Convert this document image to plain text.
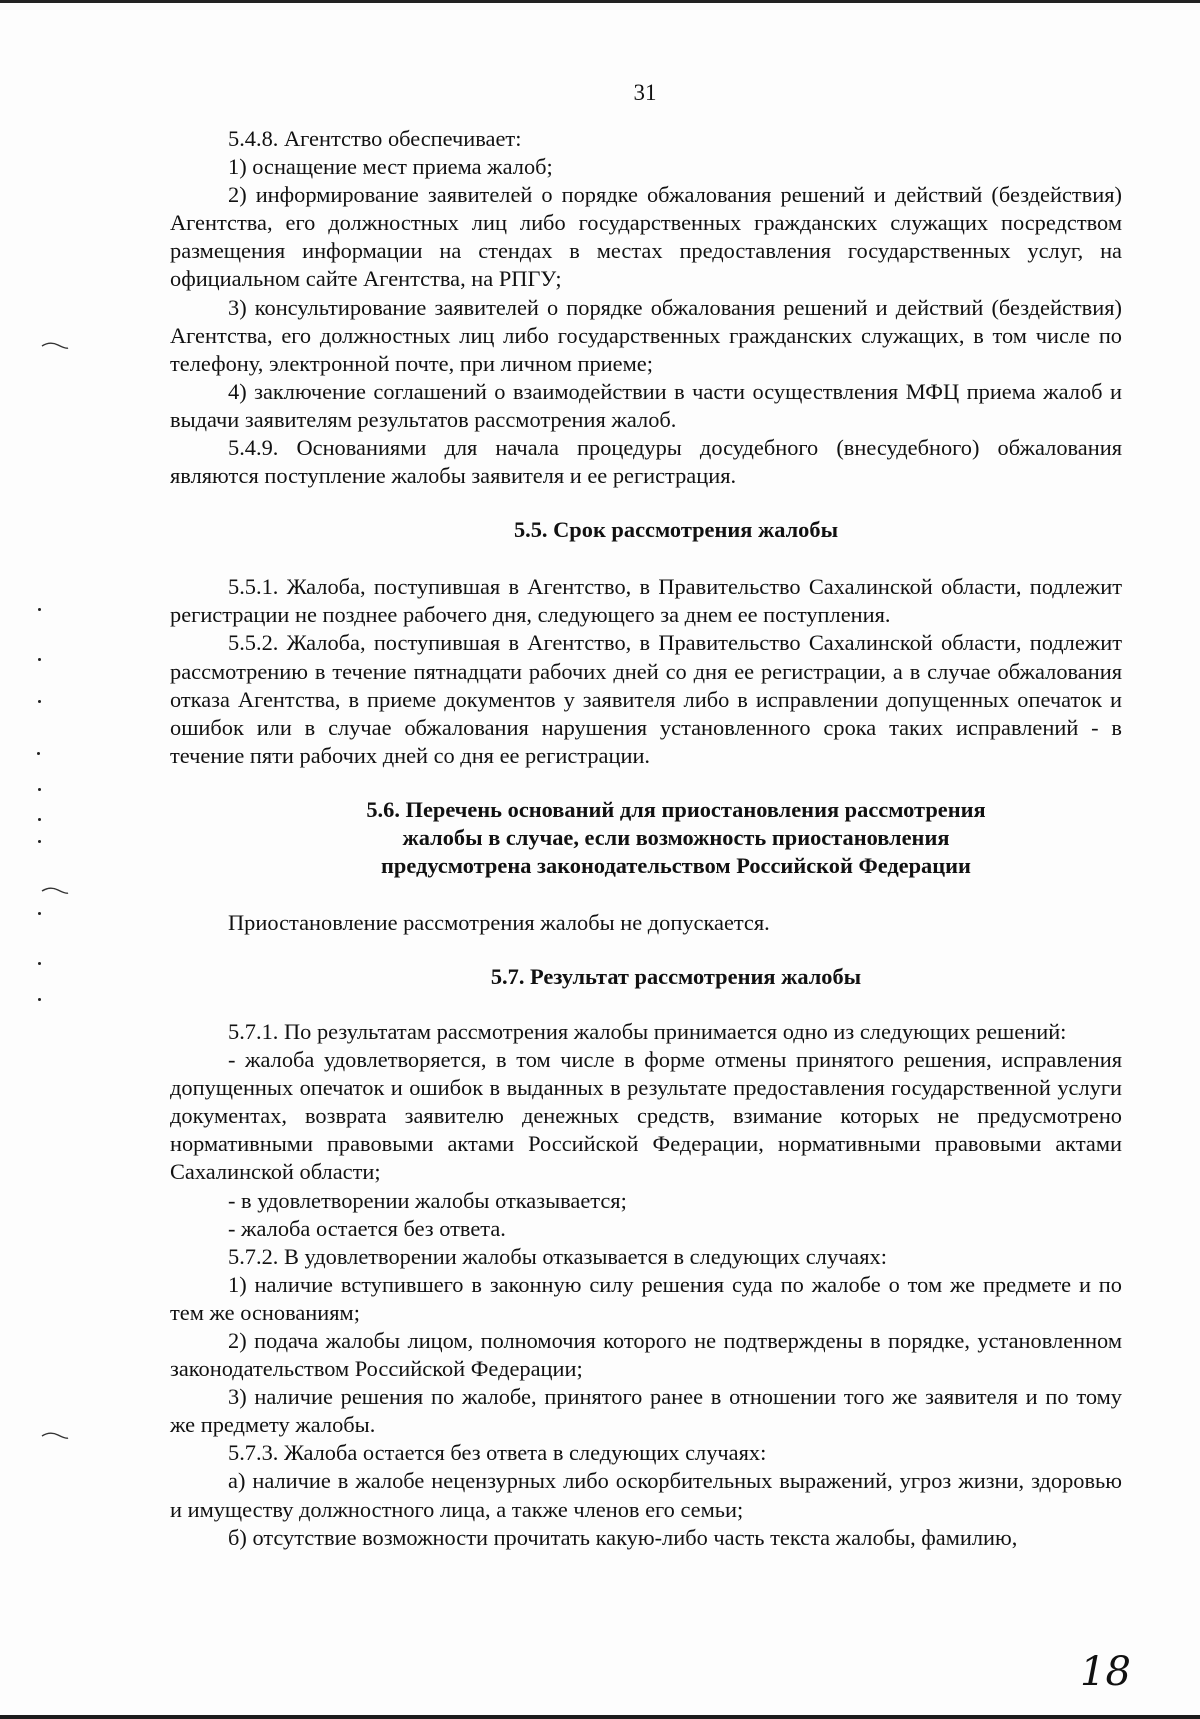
31

5.4.8. Агентство обеспечивает:

1) оснащение мест приема жалоб;

2) информирование заявителей о порядке обжалования решений и действий (бездействия) Агентства, его должностных лиц либо государственных гражданских служащих посредством размещения информации на стендах в местах предоставления государственных услуг, на официальном сайте Агентства, на РПГУ;

3) консультирование заявителей о порядке обжалования решений и действий (бездействия) Агентства, его должностных лиц либо государственных гражданских служащих, в том числе по телефону, электронной почте, при личном приеме;

4) заключение соглашений о взаимодействии в части осуществления МФЦ приема жалоб и выдачи заявителям результатов рассмотрения жалоб.

5.4.9. Основаниями для начала процедуры досудебного (внесудебного) обжалования являются поступление жалобы заявителя и ее регистрация.

5.5. Срок рассмотрения жалобы

5.5.1. Жалоба, поступившая в Агентство, в Правительство Сахалинской области, подлежит регистрации не позднее рабочего дня, следующего за днем ее поступления.

5.5.2. Жалоба, поступившая в Агентство, в Правительство Сахалинской области, подлежит рассмотрению в течение пятнадцати рабочих дней со дня ее регистрации, а в случае обжалования отказа Агентства, в приеме документов у заявителя либо в исправлении допущенных опечаток и ошибок или в случае обжалования нарушения установленного срока таких исправлений - в течение пяти рабочих дней со дня ее регистрации.

5.6. Перечень оснований для приостановления рассмотрения
жалобы в случае, если возможность приостановления
предусмотрена законодательством Российской Федерации

Приостановление рассмотрения жалобы не допускается.

5.7. Результат рассмотрения жалобы

5.7.1. По результатам рассмотрения жалобы принимается одно из следующих решений:

- жалоба удовлетворяется, в том числе в форме отмены принятого решения, исправления допущенных опечаток и ошибок в выданных в результате предоставления государственной услуги документах, возврата заявителю денежных средств, взимание которых не предусмотрено нормативными правовыми актами Российской Федерации, нормативными правовыми актами Сахалинской области;

- в удовлетворении жалобы отказывается;

- жалоба остается без ответа.

5.7.2. В удовлетворении жалобы отказывается в следующих случаях:

1) наличие вступившего в законную силу решения суда по жалобе о том же предмете и по тем же основаниям;

2) подача жалобы лицом, полномочия которого не подтверждены в порядке, установленном законодательством Российской Федерации;

3) наличие решения по жалобе, принятого ранее в отношении того же заявителя и по тому же предмету жалобы.

5.7.3. Жалоба остается без ответа в следующих случаях:

а) наличие в жалобе нецензурных либо оскорбительных выражений, угроз жизни, здоровью и имуществу должностного лица, а также членов его семьи;

б) отсутствие возможности прочитать какую-либо часть текста жалобы, фамилию,

18
